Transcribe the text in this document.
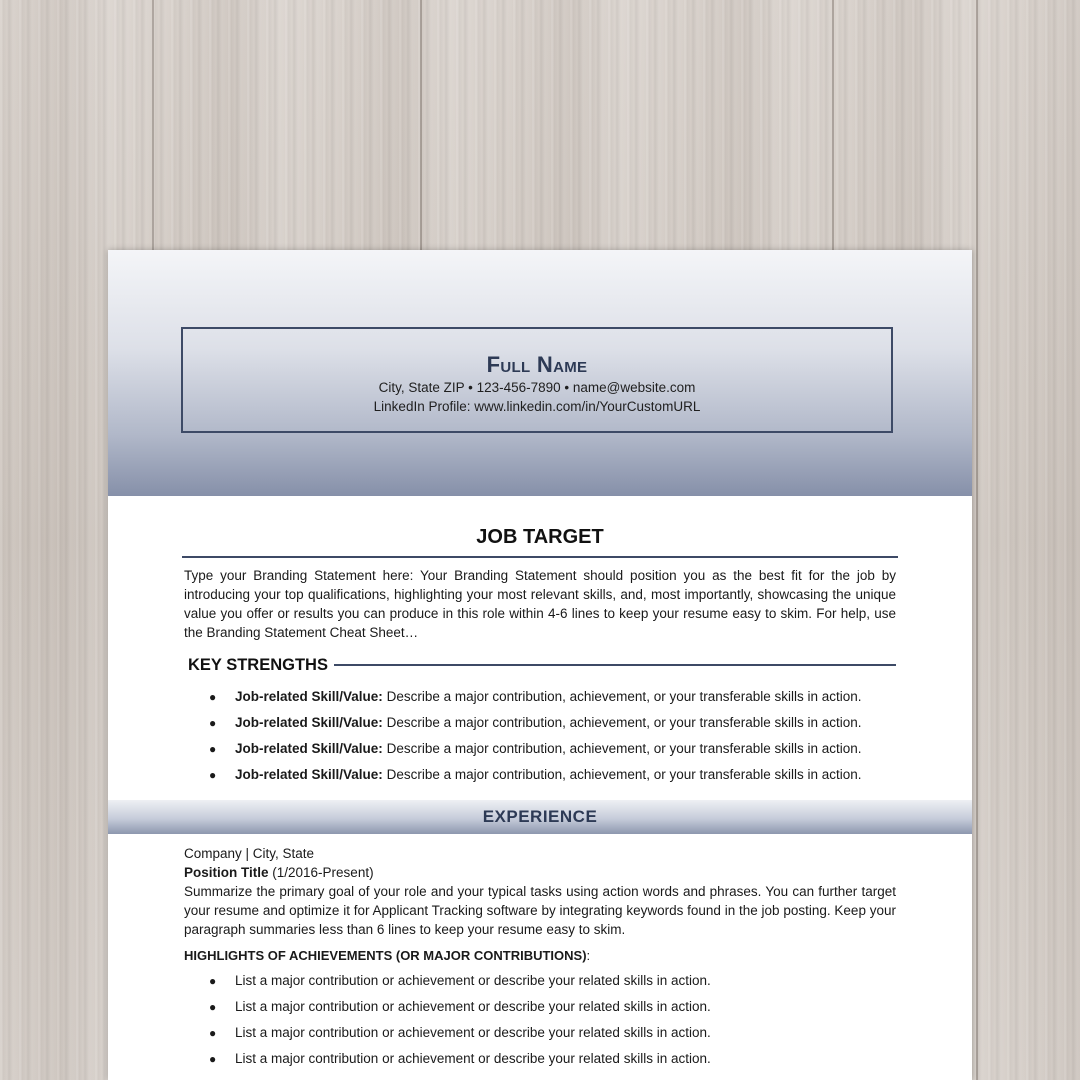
Full Name
City, State ZIP • 123-456-7890 • name@website.com
LinkedIn Profile: www.linkedin.com/in/YourCustomURL
JOB TARGET
Type your Branding Statement here: Your Branding Statement should position you as the best fit for the job by introducing your top qualifications, highlighting your most relevant skills, and, most importantly, showcasing the unique value you offer or results you can produce in this role within 4-6 lines to keep your resume easy to skim. For help, use the Branding Statement Cheat Sheet…
KEY STRENGTHS
● Job-related Skill/Value: Describe a major contribution, achievement, or your transferable skills in action.
● Job-related Skill/Value: Describe a major contribution, achievement, or your transferable skills in action.
● Job-related Skill/Value: Describe a major contribution, achievement, or your transferable skills in action.
● Job-related Skill/Value: Describe a major contribution, achievement, or your transferable skills in action.
EXPERIENCE

Company | City, State

Position Title (1/2016-Present)

Summarize the primary goal of your role and your typical tasks using action words and phrases. You can further target your resume and optimize it for Applicant Tracking software by integrating keywords found in the job posting. Keep your paragraph summaries less than 6 lines to keep your resume easy to skim.

HIGHLIGHTS OF ACHIEVEMENTS (OR MAJOR CONTRIBUTIONS):

● List a major contribution or achievement or describe your related skills in action.
● List a major contribution or achievement or describe your related skills in action.
● List a major contribution or achievement or describe your related skills in action.
● List a major contribution or achievement or describe your related skills in action.
